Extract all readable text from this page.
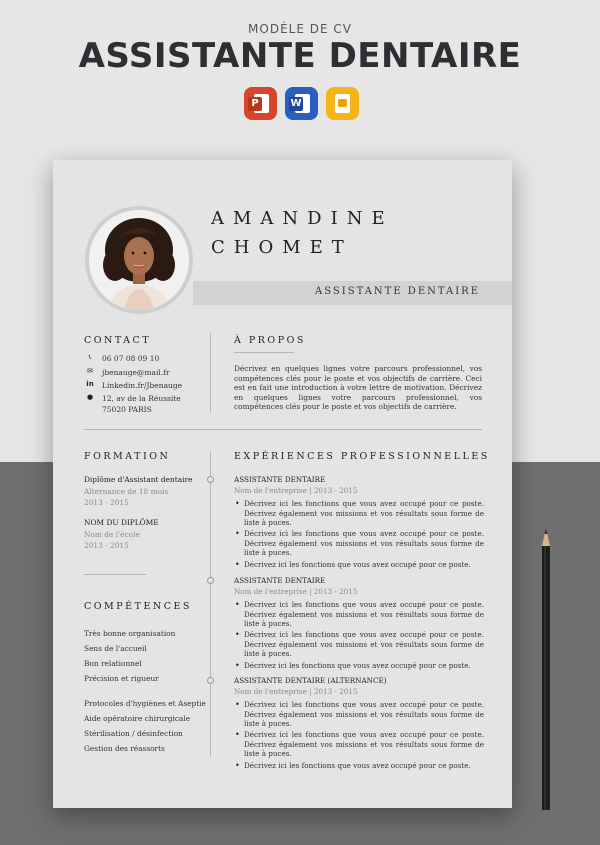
MODÈLE DE CV
ASSISTANTE DENTAIRE
P	W
AMANDINE
CHOMET
ASSISTANTE DENTAIRE
CONTACT
📞︎	06 07 08 09 10
✉	jbenauge@mail.fr
in	Linkedin.fr/Jbenauge
●	12, av de la Réussite
75020 PARIS
À PROPOS
Décrivez en quelques lignes votre parcours professionnel, vos compétences clés pour le poste et vos objectifs de carrière. Ceci est en fait une introduction à votre lettre de motivation. Décrivez en quelques lignes votre parcours professionnel, vos compétences clés pour le poste et vos objectifs de carrière.
FORMATION
Diplôme d'Assistant dentaire
Alternance de 18 mois
2013 - 2015
NOM DU DIPLÔME
Nom de l'école
2013 - 2015
COMPÉTENCES
Très bonne organisation
Sens de l'accueil
Bon relationnel
Précision et rigueur
Protocoles d'hygiènes et Aseptie
Aide opératoire chirurgicale
Stérilisation / désinfection
Gestion des réassorts
EXPÉRIENCES PROFESSIONNELLES
ASSISTANTE DENTAIRE
Nom de l'entreprise | 2013 - 2015
• Décrivez ici les fonctions que vous avez occupé pour ce poste. Décrivez également vos missions et vos résultats sous forme de liste à puces.
• Décrivez ici les fonctions que vous avez occupé pour ce poste. Décrivez également vos missions et vos résultats sous forme de liste à puces.
• Décrivez ici les fonctions que vous avez occupé pour ce poste.
ASSISTANTE DENTAIRE
Nom de l'entreprise | 2013 - 2015
• Décrivez ici les fonctions que vous avez occupé pour ce poste. Décrivez également vos missions et vos résultats sous forme de liste à puces.
• Décrivez ici les fonctions que vous avez occupé pour ce poste. Décrivez également vos missions et vos résultats sous forme de liste à puces.
• Décrivez ici les fonctions que vous avez occupé pour ce poste.
ASSISTANTE DENTAIRE (ALTERNANCE)
Nom de l'entreprise | 2013 - 2015
• Décrivez ici les fonctions que vous avez occupé pour ce poste. Décrivez également vos missions et vos résultats sous forme de liste à puces.
• Décrivez ici les fonctions que vous avez occupé pour ce poste. Décrivez également vos missions et vos résultats sous forme de liste à puces.
• Décrivez ici les fonctions que vous avez occupé pour ce poste.
